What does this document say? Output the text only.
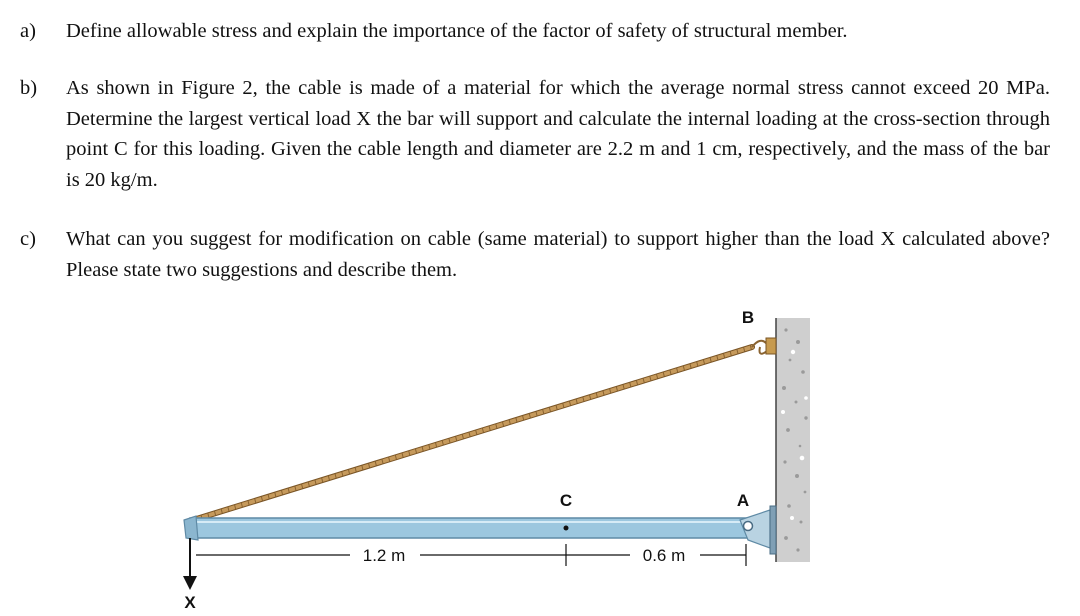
a) Define allowable stress and explain the importance of the factor of safety of structural member.
b) As shown in Figure 2, the cable is made of a material for which the average normal stress cannot exceed 20 MPa. Determine the largest vertical load X the bar will support and calculate the internal loading at the cross-section through point C for this loading. Given the cable length and diameter are 2.2 m and 1 cm, respectively, and the mass of the bar is 20 kg/m.
c) What can you suggest for modification on cable (same material) to support higher than the load X calculated above? Please state two suggestions and describe them.
B
A
C
X
1.2 m	0.6 m
